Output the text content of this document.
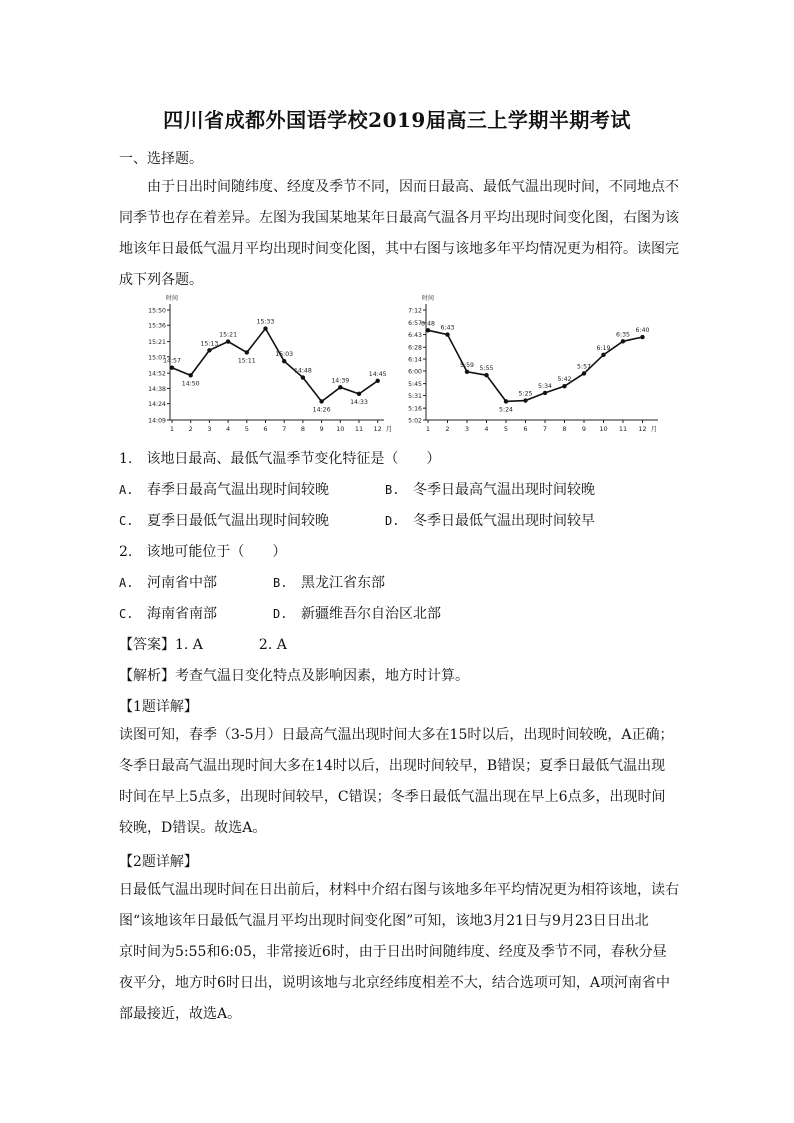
四川省成都外国语学校2019届高三上学期半期考试
一、选择题。

由于日出时间随纬度、经度及季节不同，因而日最高、最低气温出现时间，不同地点不

同季节也存在着差异。左图为我国某地某年日最高气温各月平均出现时间变化图，右图为该

地该年日最低气温月平均出现时间变化图，其中右图与该地多年平均情况更为相符。读图完

成下列各题。

时间
15:50
15:36
15:21
15:07
14:52
14:38
14:24
14:09
1 2 3 4 5 6 7 8 9 10 11 12 月
14:57
14:50
15:13
15:21
15:11
15:33
15:03
14:48
14:26
14:39
14:33
14:45
时间
7:12
6:57
6:43
6:28
6:14
6:00
5:45
5:31
5:16
5:02
1 2 3 4 5 6 7 8 9 10 11 12 月
6:48
6:43
5:59 5:55
5:24
5:25
5:34
5:42
5:57
6:19
6:35
6:40
1.　该地日最高、最低气温季节变化特征是（　　）
A. 春季日最高气温出现时间较晚	B. 冬季日最高气温出现时间较晚
C. 夏季日最低气温出现时间较晚	D. 冬季日最低气温出现时间较早
2.　该地可能位于（　　）
A. 河南省中部	B. 黑龙江省东部
C. 海南省南部	D. 新疆维吾尔自治区北部
【答案】1. A　　　　2. A
【解析】考查气温日变化特点及影响因素，地方时计算。
【1题详解】

读图可知，春季（3-5月）日最高气温出现时间大多在15时以后，出现时间较晚，A正确；

冬季日最高气温出现时间大多在14时以后，出现时间较早，B错误；夏季日最低气温出现

时间在早上5点多，出现时间较早，C错误；冬季日最低气温出现在早上6点多，出现时间

较晚，D错误。故选A。

【2题详解】

日最低气温出现时间在日出前后，材料中介绍右图与该地多年平均情况更为相符该地，读右

图“该地该年日最低气温月平均出现时间变化图”可知，该地3月21日与9月23日日出北

京时间为5:55和6:05，非常接近6时，由于日出时间随纬度、经度及季节不同，春秋分昼

夜平分，地方时6时日出，说明该地与北京经纬度相差不大，结合选项可知，A项河南省中

部最接近，故选A。
